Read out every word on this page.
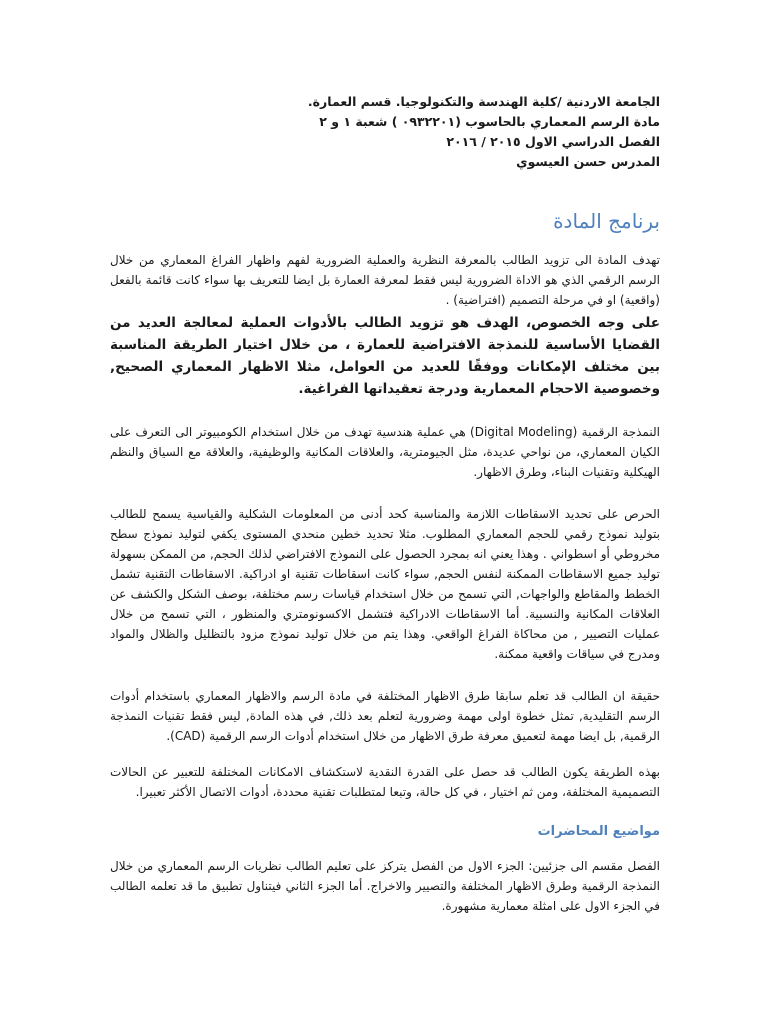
الجامعة الاردنية /كلية الهندسة والتكنولوجيا. قسم العمارة.
مادة الرسم المعماري بالحاسوب (٠٩٣٢٢٠١ ) شعبة ١ و ٢
الفصل الدراسي الاول ٢٠١٥ / ٢٠١٦
المدرس حسن العيسوي
برنامج المادة

تهدف المادة الى تزويد الطالب بالمعرفة النظرية والعملية الضرورية لفهم واظهار الفراغ المعماري من خلال الرسم الرقمي الذي هو الاداة الضرورية ليس فقط لمعرفة العمارة بل ايضا للتعريف بها سواء كانت قائمة بالفعل (واقعية) او في مرحلة التصميم (افتراضية) .

على وجه الخصوص، الهدف هو تزويد الطالب بالأدوات العملية لمعالجة العديد من القضايا الأساسية للنمذجة الافتراضية للعمارة ، من خلال اختيار الطريقة المناسبة بين مختلف الإمكانات ووفقًا للعديد من العوامل، مثلا الاظهار المعماري الصحيح, وخصوصية الاحجام المعمارية ودرجة تعقيداتها الفراغية.

النمذجة الرقمية (Digital Modeling) هي عملية هندسية تهدف من خلال استخدام الكومبيوتر الى التعرف على الكيان المعماري، من نواحي عديدة، مثل الجيومترية، والعلاقات المكانية والوظيفية، والعلاقة مع السياق والنظم الهيكلية وتقنيات البناء، وطرق الاظهار.

الحرص على تحديد الاسقاطات اللازمة والمناسبة كحد أدنى من المعلومات الشكلية والقياسية يسمح للطالب بتوليد نموذج رقمي للحجم المعماري المطلوب. مثلا تحديد خطين منحدي المستوى يكفي لتوليد نموذج سطح مخروطي أو اسطواني . وهذا يعني انه بمجرد الحصول على النموذج الافتراضي لذلك الحجم, من الممكن بسهولة توليد جميع الاسقاطات الممكنة لنفس الحجم, سواء كانت اسقاطات تقنية او ادراكية. الاسقاطات التقنية تشمل الخطط والمقاطع والواجهات, التي تسمح من خلال استخدام قياسات رسم مختلفة، بوصف الشكل والكشف عن العلاقات المكانية والنسبية. أما الاسقاطات الادراكية فتشمل الاكسونومتري والمنظور ، التي تسمح من خلال عمليات التصيير , من محاكاة الفراغ الواقعي. وهذا يتم من خلال توليد نموذج مزود بالتظليل والظلال والمواد ومدرج في سياقات واقعية ممكنة.

حقيقة ان الطالب قد تعلم سابقا طرق الاظهار المختلفة في مادة الرسم والاظهار المعماري باستخدام أدوات الرسم التقليدية, تمثل خطوة اولى مهمة وضرورية لتعلم بعد ذلك, في هذه المادة, ليس فقط تقنيات النمذجة الرقمية, بل ايضا مهمة لتعميق معرفة طرق الاظهار من خلال استخدام أدوات الرسم الرقمية (CAD).

بهذه الطريقة يكون الطالب قد حصل على القدرة النقدية لاستكشاف الامكانات المختلفة للتعبير عن الحالات التصميمية المختلفة، ومن ثم اختيار ، في كل حالة، وتبعا لمتطلبات تقنية محددة، أدوات الاتصال الأكثر تعبيرا.

مواضيع المحاضرات

الفصل مقسم الى جزئيين: الجزء الاول من الفصل يتركز على تعليم الطالب نظريات الرسم المعماري من خلال النمذجة الرقمية وطرق الاظهار المختلفة والتصيير والاخراج. أما الجزء الثاني فيتناول تطبيق ما قد تعلمه الطالب في الجزء الاول على امثلة معمارية مشهورة.
